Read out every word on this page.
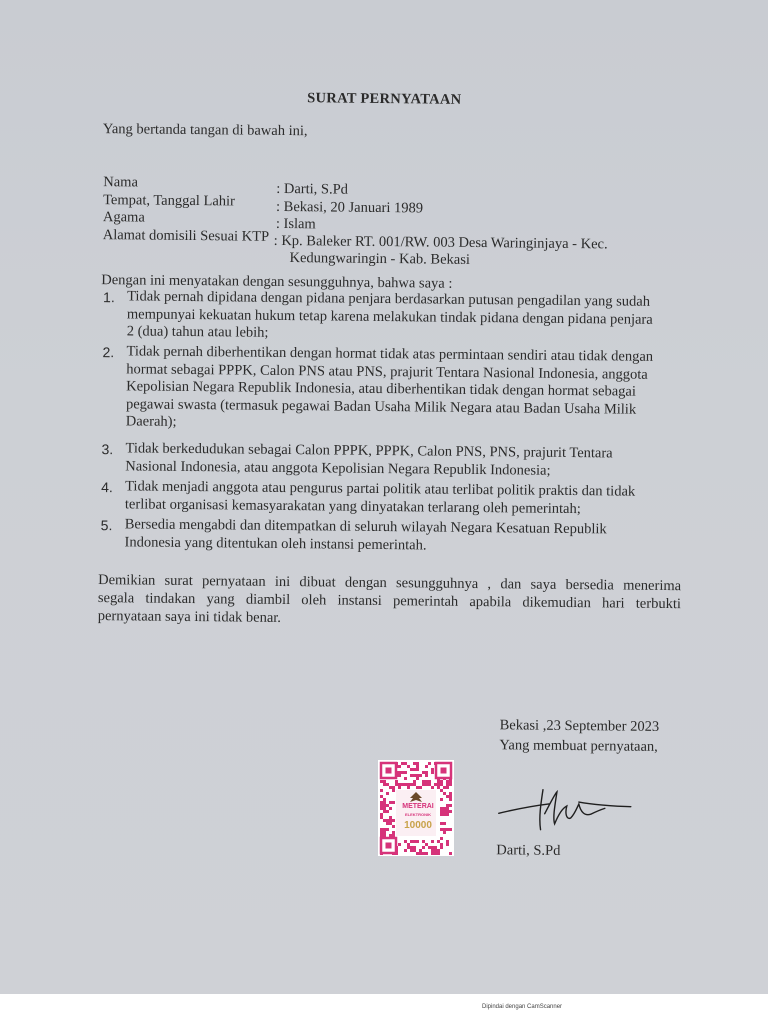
SURAT PERNYATAAN
Yang bertanda tangan di bawah ini,
Nama	: Darti, S.Pd
Tempat, Tanggal Lahir	: Bekasi, 20 Januari 1989
Agama	: Islam
Alamat domisili Sesuai KTP : Kp. Baleker RT. 001/RW. 003 Desa Waringinjaya - Kec.
Kedungwaringin - Kab. Bekasi
Dengan ini menyatakan dengan sesungguhnya, bahwa saya :
1. Tidak pernah dipidana dengan pidana penjara berdasarkan putusan pengadilan yang sudah
mempunyai kekuatan hukum tetap karena melakukan tindak pidana dengan pidana penjara
2 (dua) tahun atau lebih;
2. Tidak pernah diberhentikan dengan hormat tidak atas permintaan sendiri atau tidak dengan
hormat sebagai PPPK, Calon PNS atau PNS, prajurit Tentara Nasional Indonesia, anggota
Kepolisian Negara Republik Indonesia, atau diberhentikan tidak dengan hormat sebagai
pegawai swasta (termasuk pegawai Badan Usaha Milik Negara atau Badan Usaha Milik
Daerah);
3. Tidak berkedudukan sebagai Calon PPPK, PPPK, Calon PNS, PNS, prajurit Tentara
Nasional Indonesia, atau anggota Kepolisian Negara Republik Indonesia;
4. Tidak menjadi anggota atau pengurus partai politik atau terlibat politik praktis dan tidak
terlibat organisasi kemasyarakatan yang dinyatakan terlarang oleh pemerintah;
5. Bersedia mengabdi dan ditempatkan di seluruh wilayah Negara Kesatuan Republik
Indonesia yang ditentukan oleh instansi pemerintah.
Demikian surat pernyataan ini dibuat dengan sesungguhnya , dan saya bersedia menerima
segala tindakan yang diambil oleh instansi pemerintah apabila dikemudian hari terbukti
pernyataan saya ini tidak benar.
Bekasi ,23 September 2023
Yang membuat pernyataan,
Darti, S.Pd
METERAI
ELEKTRONIK
10000
Dipindai dengan CamScanner
